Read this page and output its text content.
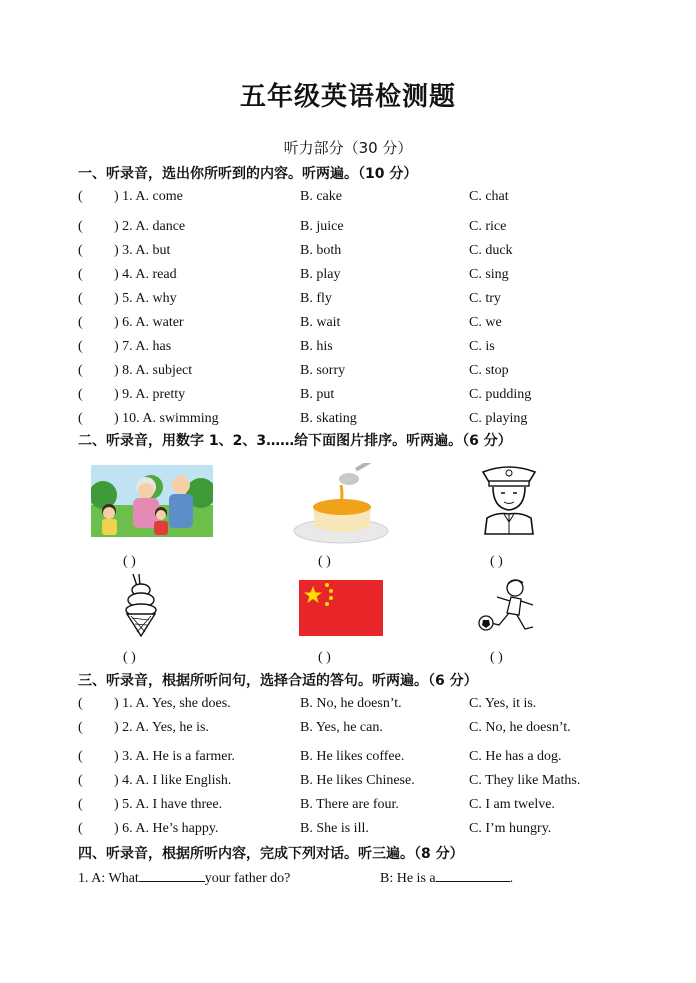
五年级英语检测题
听力部分（30 分）
一、听录音，选出你所听到的内容。听两遍。（10 分）
( ) 1. A. come	B. cake	C. chat
( ) 2. A. dance	B. juice	C. rice
( ) 3. A. but	B. both	C. duck
( ) 4. A. read	B. play	C. sing
( ) 5. A. why	B. fly	C. try
( ) 6. A. water	B. wait	C. we
( ) 7. A. has	B. his	C. is
( ) 8. A. subject	B. sorry	C. stop
( ) 9. A. pretty	B. put	C. pudding
( ) 10. A. swimming	B. skating	C. playing
二、听录音，用数字 1、2、3……给下面图片排序。听两遍。（6 分）
( )	( )	( )
( )	( )	( )
三、听录音，根据所听问句，选择合适的答句。听两遍。（6 分）
( ) 1. A. Yes, she does.	B. No, he doesn’t.	C. Yes, it is.
( ) 2. A. Yes, he is.	B. Yes, he can.	C. No, he doesn’t.
( ) 3. A. He is a farmer.	B. He likes coffee.	C. He has a dog.
( ) 4. A. I like English.	B. He likes Chinese.	C. They like Maths.
( ) 5. A. I have three.	B. There are four.	C. I am twelve.
( ) 6. A. He’s happy.	B. She is ill.	C. I’m hungry.
四、听录音，根据所听内容，完成下列对话。听三遍。（8 分）
1. A: What	your father do?	B: He is a	.
